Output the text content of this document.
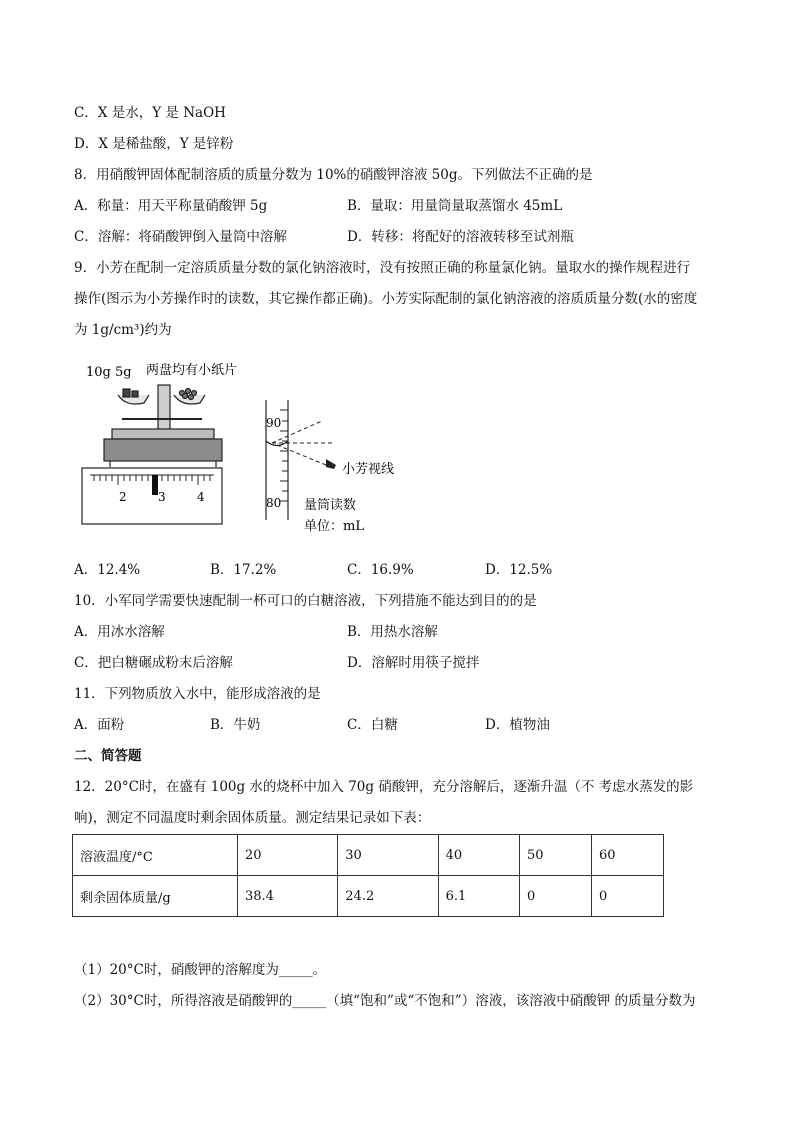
C．X 是水，Y 是 NaOH
D．X 是稀盐酸，Y 是锌粉
8．用硝酸钾固体配制溶质的质量分数为 10%的硝酸钾溶液 50g。下列做法不正确的是
A．称量：用天平称量硝酸钾 5g	B．量取：用量筒量取蒸馏水 45mL
C．溶解：将硝酸钾倒入量筒中溶解	D．转移：将配好的溶液转移至试剂瓶
9．小芳在配制一定溶质质量分数的氯化钠溶液时，没有按照正确的称量氯化钠。量取水的操作规程进行
操作(图示为小芳操作时的读数，其它操作都正确)。小芳实际配制的氯化钠溶液的溶质质量分数(水的密度
为 1g/cm³)约为
10g 5g 两盘均有小纸片
2	3	4
90
80
小芳视线
量筒读数
单位：mL
A．12.4%	B．17.2%	C．16.9%	D．12.5%
10．小军同学需要快速配制一杯可口的白糖溶液，下列措施不能达到目的的是
A．用冰水溶解	B．用热水溶解
C．把白糖碾成粉末后溶解	D．溶解时用筷子搅拌
11．下列物质放入水中，能形成溶液的是
A．面粉	B．牛奶	C．白糖	D．植物油
二、简答题
12．20°C时，在盛有 100g 水的烧杯中加入 70g 硝酸钾，充分溶解后，逐渐升温（不 考虑水蒸发的影
响)，测定不同温度时剩余固体质量。测定结果记录如下表：
溶液温度/°C	20	30	40	50	60
剩余固体质量/g	38.4	24.2	6.1	0	0
（1）20°C时，硝酸钾的溶解度为_____。
（2）30°C时，所得溶液是硝酸钾的_____（填“饱和”或“不饱和”）溶液，该溶液中硝酸钾 的质量分数为
